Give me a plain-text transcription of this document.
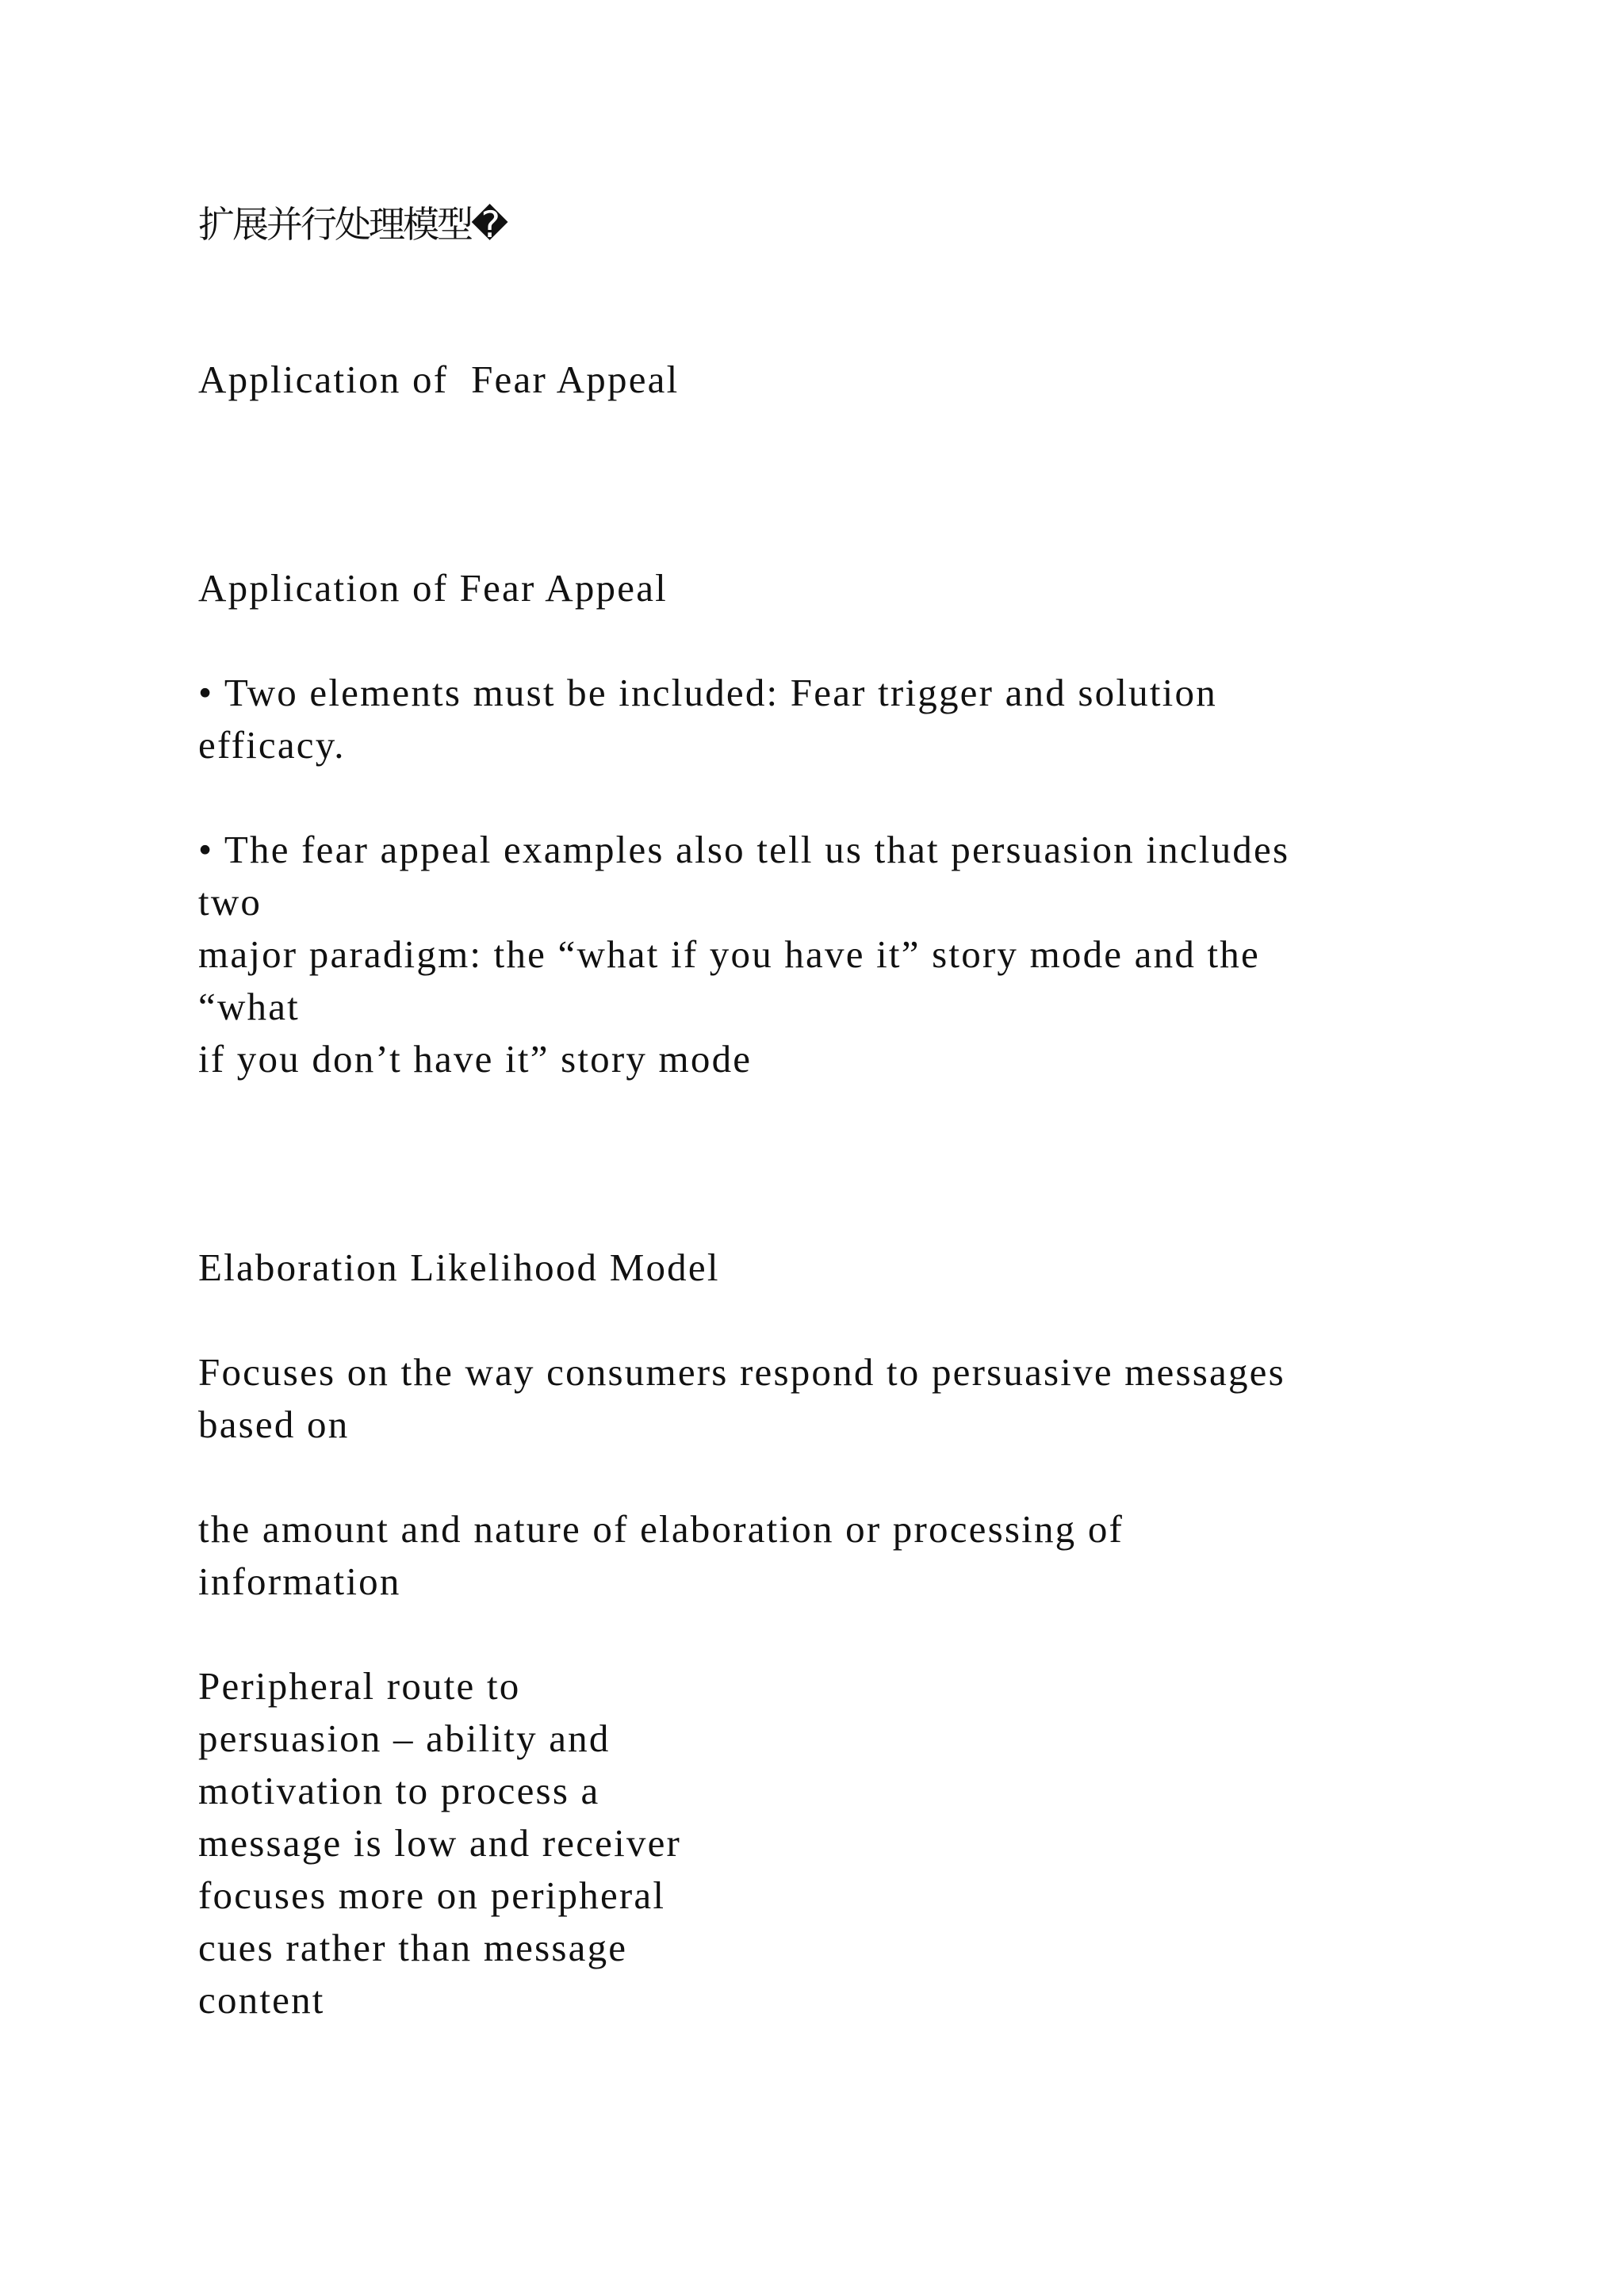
扩展并行处理模型�

Application of  Fear Appeal

Application of Fear Appeal

• Two elements must be included: Fear trigger and solution

efficacy.

• The fear appeal examples also tell us that persuasion includes

two

major paradigm: the “what if you have it” story mode and the

“what

if you don’t have it” story mode

Elaboration Likelihood Model

Focuses on the way consumers respond to persuasive messages

based on

the amount and nature of elaboration or processing of

information

Peripheral route to

persuasion – ability and

motivation to process a

message is low and receiver

focuses more on peripheral

cues rather than message

content
